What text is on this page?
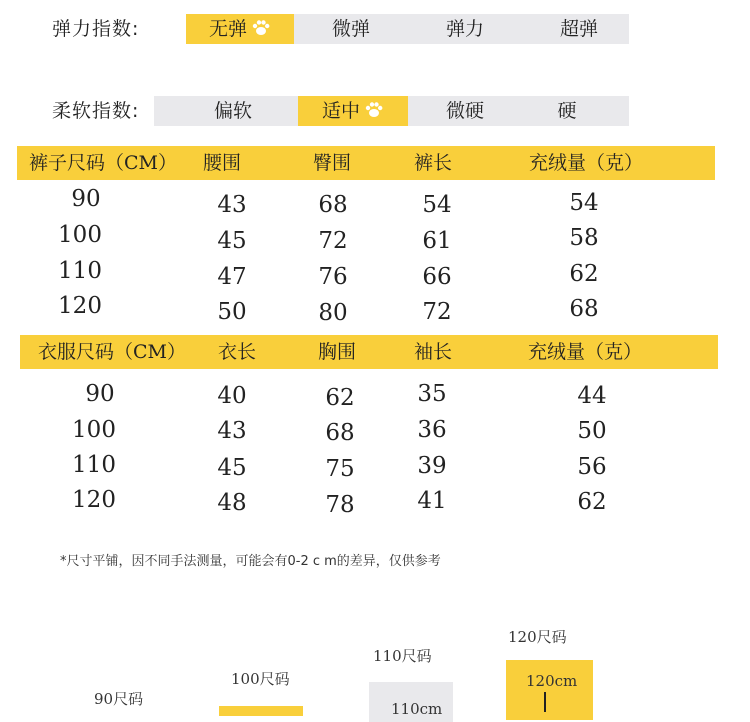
弹力指数:	无弹	微弹	弹力	超弹
柔软指数:	偏软	适中	微硬	硬
裤子尺码（CM） 腰围	臀围	裤长	充绒量（克）
90	43	68	54	54
100	45	72	61	58
110	47	76	66	62
120	50	80	72	68
衣服尺码（CM） 衣长	胸围	袖长	充绒量（克）
90	40	62	35	44
100	43	68	36	50
110	45	75	39	56
120	48	78	41	62
*尺寸平铺，因不同手法测量，可能会有0-2 c m的差异，仅供参考
90尺码
100尺码
110尺码
110cm
120尺码
120cm
